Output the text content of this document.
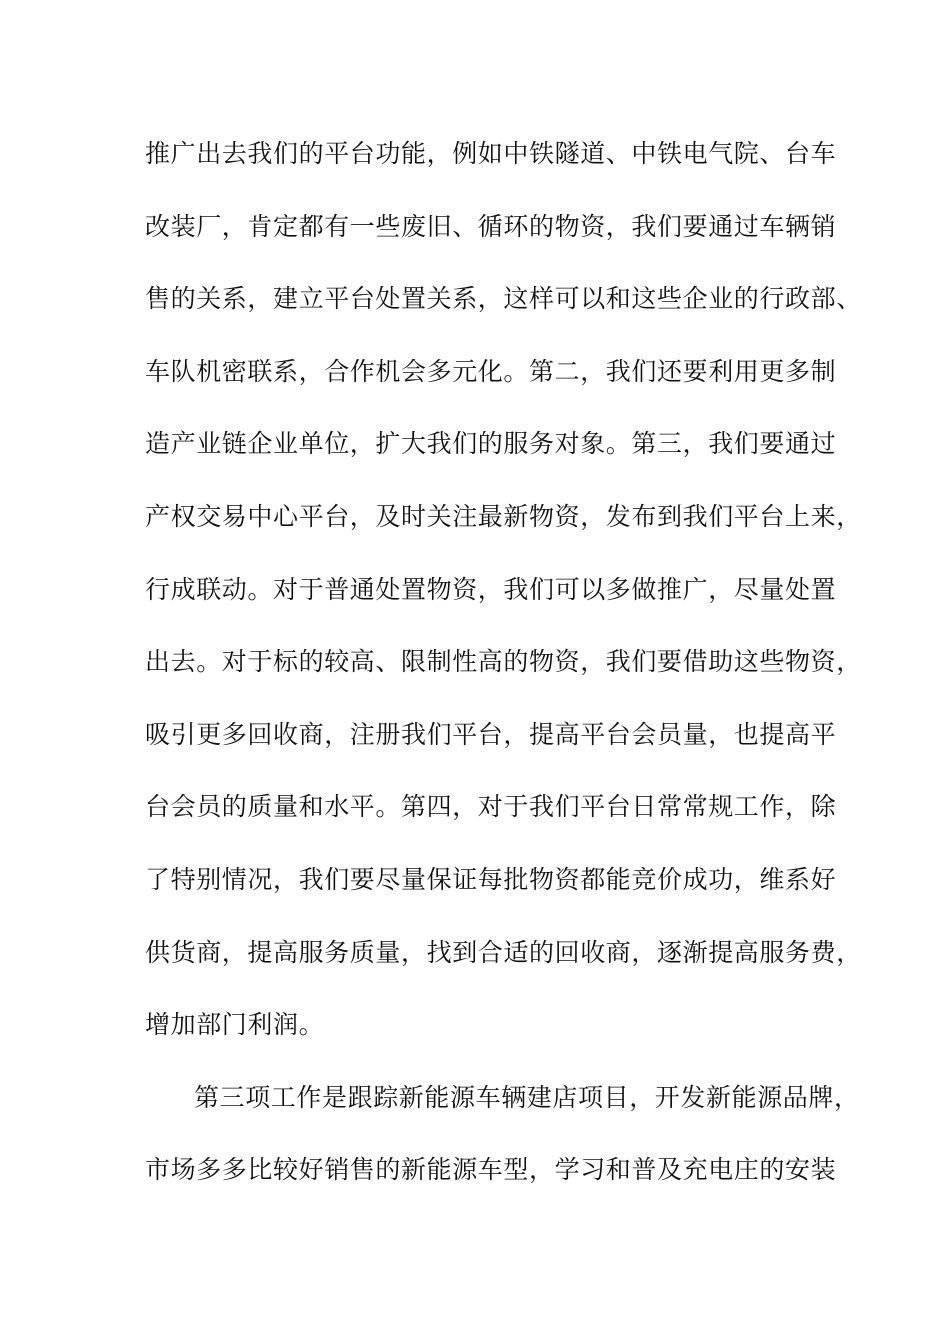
推广出去我们的平台功能，例如中铁隧道、中铁电气院、台车
改装厂，肯定都有一些废旧、循环的物资，我们要通过车辆销
售的关系，建立平台处置关系，这样可以和这些企业的行政部、
车队机密联系，合作机会多元化。第二，我们还要利用更多制
造产业链企业单位，扩大我们的服务对象。第三，我们要通过
产权交易中心平台，及时关注最新物资，发布到我们平台上来，
行成联动。对于普通处置物资，我们可以多做推广，尽量处置
出去。对于标的较高、限制性高的物资，我们要借助这些物资，
吸引更多回收商，注册我们平台，提高平台会员量，也提高平
台会员的质量和水平。第四，对于我们平台日常常规工作，除
了特别情况，我们要尽量保证每批物资都能竞价成功，维系好
供货商，提高服务质量，找到合适的回收商，逐渐提高服务费，
增加部门利润。
第三项工作是跟踪新能源车辆建店项目，开发新能源品牌，
市场多多比较好销售的新能源车型，学习和普及充电庄的安装
